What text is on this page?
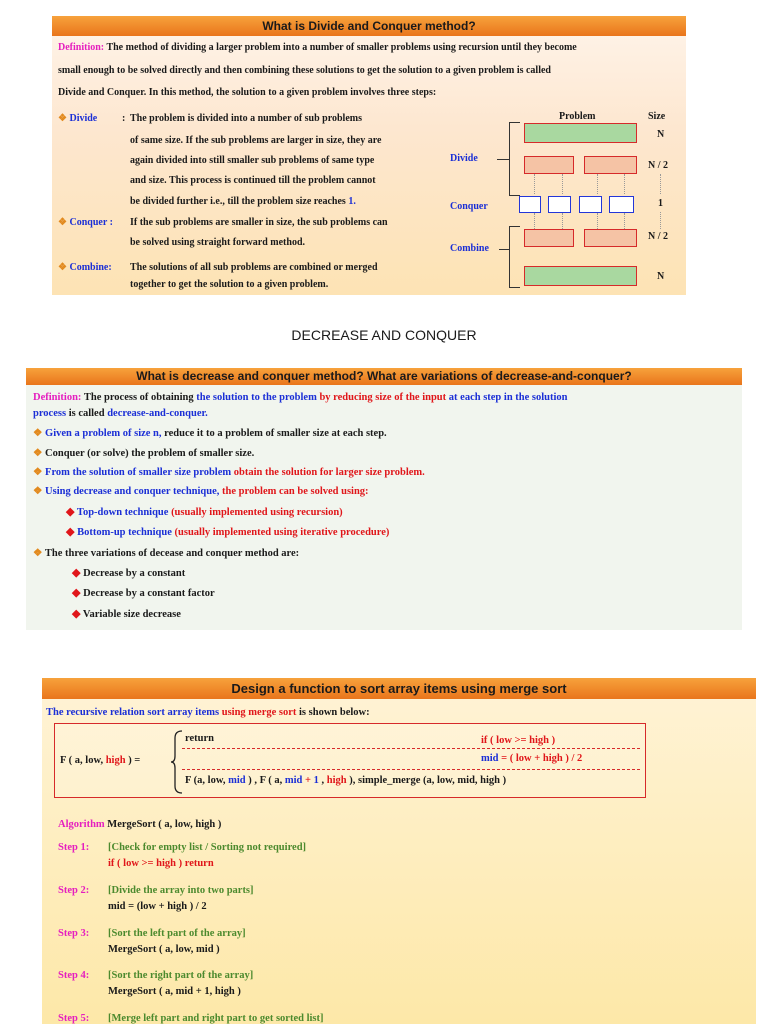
What is Divide and Conquer method?
Definition: The method of dividing a larger problem into a number of smaller problems using recursion until they become
small enough to be solved directly and then combining these solutions to get the solution to a given problem is called
Divide and Conquer. In this method, the solution to a given problem involves three steps:
❖ Divide : The problem is divided into a number of sub problems
of same size. If the sub problems are larger in size, they are
again divided into still smaller sub problems of same type
and size. This process is continued till the problem cannot
be divided further i.e., till the problem size reaches 1.
❖ Conquer : If the sub problems are smaller in size, the sub problems can
be solved using straight forward method.
❖ Combine: The solutions of all sub problems are combined or merged
together to get the solution to a given problem.
Problem	Size
Divide
Conquer
Combine
N
N / 2
1
N / 2
N
DECREASE AND CONQUER
What is decrease and conquer method? What are variations of decrease-and-conquer?
Definition: The process of obtaining the solution to the problem by reducing size of the input at each step in the solution
process is called decrease-and-conquer.
❖ Given a problem of size n, reduce it to a problem of smaller size at each step.
❖ Conquer (or solve) the problem of smaller size.
❖ From the solution of smaller size problem obtain the solution for larger size problem.
❖ Using decrease and conquer technique, the problem can be solved using:
◆ Top-down technique (usually implemented using recursion)
◆ Bottom-up technique (usually implemented using iterative procedure)
❖ The three variations of decease and conquer method are:
◆ Decrease by a constant
◆ Decrease by a constant factor
◆ Variable size decrease
Design a function to sort array items using merge sort
The recursive relation sort array items using merge sort is shown below:
F ( a, low, high ) =
return	if ( low >= high )
mid = ( low + high ) / 2
F (a, low, mid ) , F ( a, mid + 1 , high ), simple_merge (a, low, mid, high )
Algorithm MergeSort ( a, low, high )
Step 1: [Check for empty list / Sorting not required]
if ( low >= high ) return
Step 2: [Divide the array into two parts]
mid = (low + high ) / 2
Step 3: [Sort the left part of the array]
MergeSort ( a, low, mid )
Step 4: [Sort the right part of the array]
MergeSort ( a, mid + 1, high )
Step 5: [Merge left part and right part to get sorted list]
